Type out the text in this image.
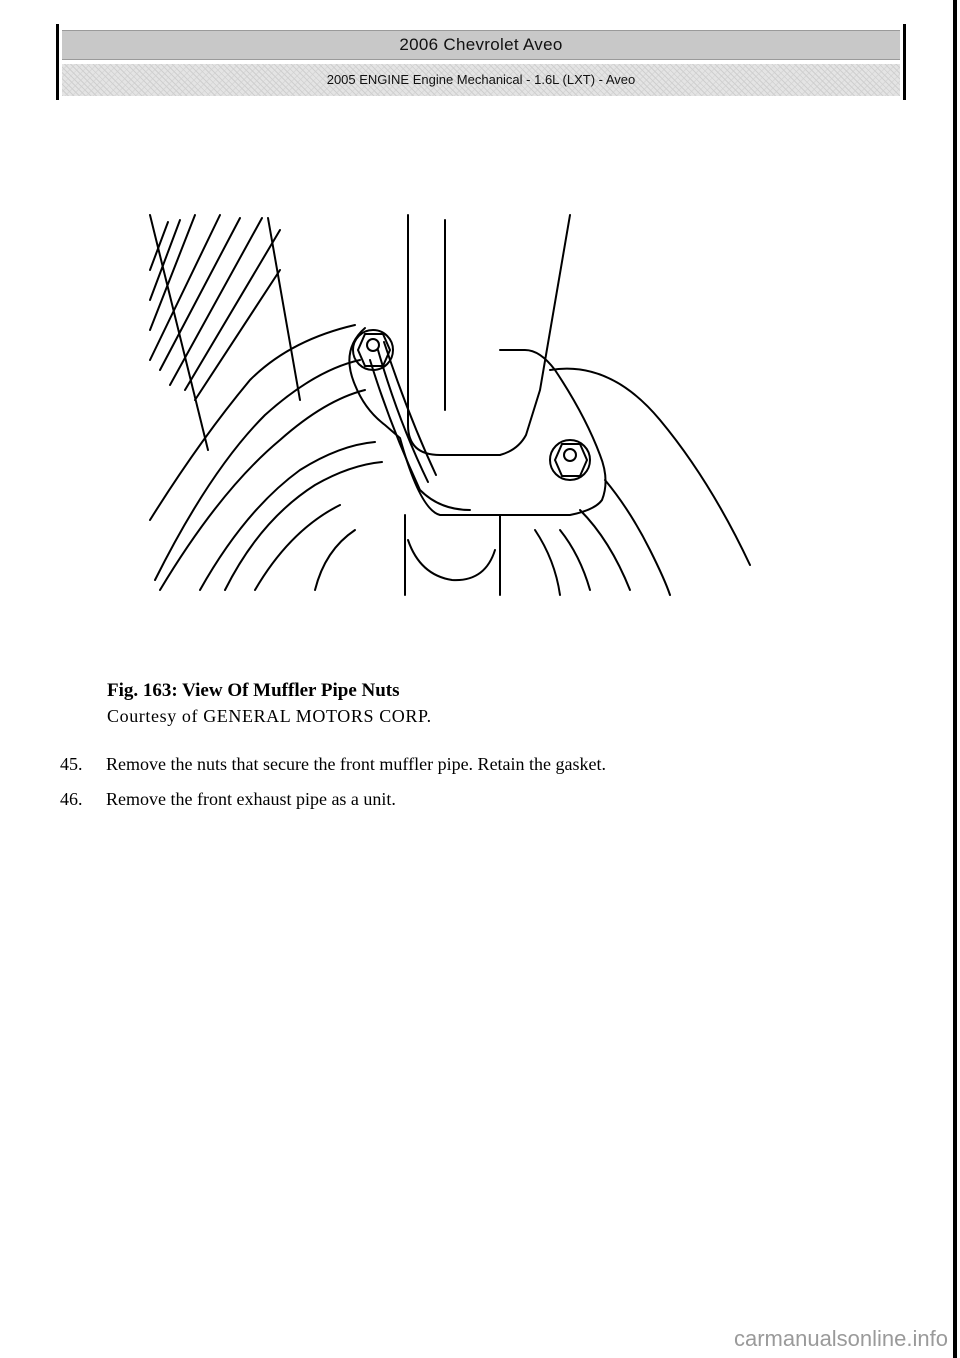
2006 Chevrolet Aveo
2005 ENGINE Engine Mechanical - 1.6L (LXT) - Aveo
Fig. 163: View Of Muffler Pipe Nuts
Courtesy of GENERAL MOTORS CORP.
45.	Remove the nuts that secure the front muffler pipe. Retain the gasket.
46.	Remove the front exhaust pipe as a unit.
carmanualsonline.info
